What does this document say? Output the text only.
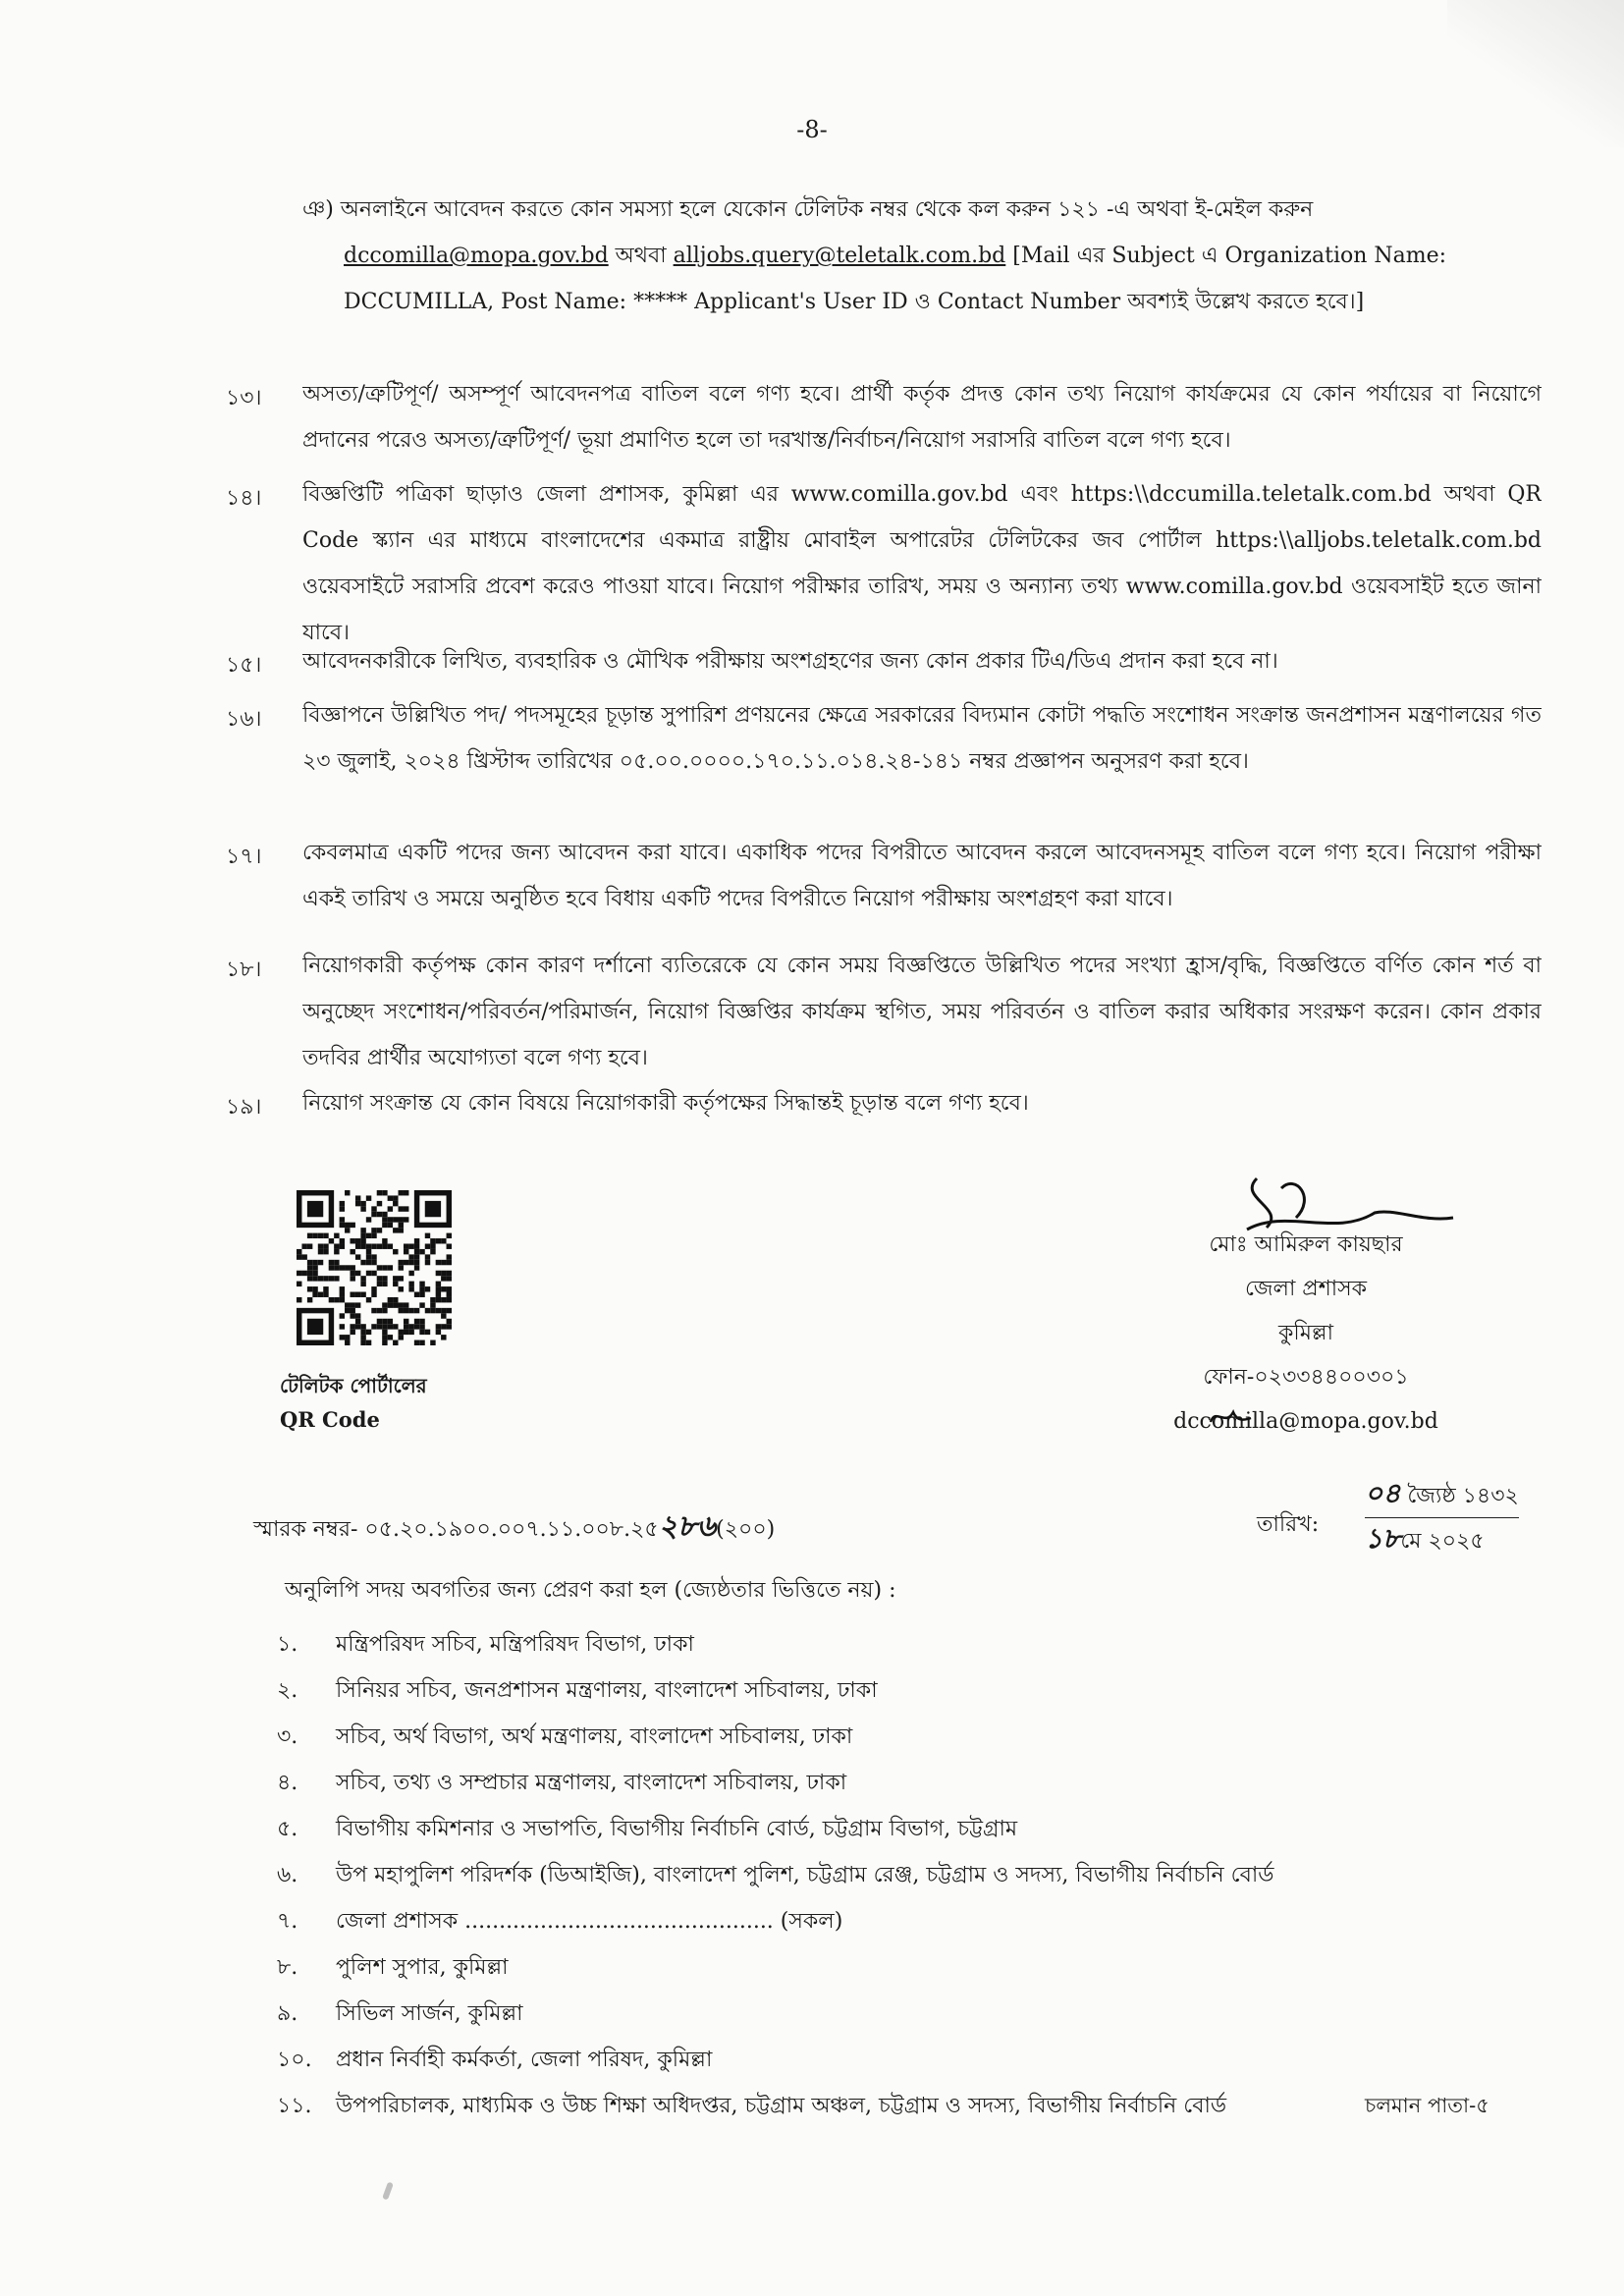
-8-
ঞ) অনলাইনে আবেদন করতে কোন সমস্যা হলে যেকোন টেলিটক নম্বর থেকে কল করুন ১২১ -এ অথবা ই-মেইল করুন
dccomilla@mopa.gov.bd অথবা alljobs.query@teletalk.com.bd [Mail এর Subject এ Organization Name:
DCCUMILLA, Post Name: ***** Applicant's User ID ও Contact Number অবশ্যই উল্লেখ করতে হবে।]
১৩। অসত্য/ত্রুটিপূর্ণ/ অসম্পূর্ণ আবেদনপত্র বাতিল বলে গণ্য হবে। প্রার্থী কর্তৃক প্রদত্ত কোন তথ্য নিয়োগ কার্যক্রমের যে কোন পর্যায়ের বা নিয়োগে প্রদানের পরেও অসত্য/ত্রুটিপূর্ণ/ ভূয়া প্রমাণিত হলে তা দরখাস্ত/নির্বাচন/নিয়োগ সরাসরি বাতিল বলে গণ্য হবে।
১৪। বিজ্ঞপ্তিটি পত্রিকা ছাড়াও জেলা প্রশাসক, কুমিল্লা এর www.comilla.gov.bd এবং https:\\dccumilla.teletalk.com.bd অথবা QR Code স্ক্যান এর মাধ্যমে বাংলাদেশের একমাত্র রাষ্ট্রীয় মোবাইল অপারেটর টেলিটকের জব পোর্টাল https:\\alljobs.teletalk.com.bd ওয়েবসাইটে সরাসরি প্রবেশ করেও পাওয়া যাবে। নিয়োগ পরীক্ষার তারিখ, সময় ও অন্যান্য তথ্য www.comilla.gov.bd ওয়েবসাইট হতে জানা যাবে।
১৫। আবেদনকারীকে লিখিত, ব্যবহারিক ও মৌখিক পরীক্ষায় অংশগ্রহণের জন্য কোন প্রকার টিএ/ডিএ প্রদান করা হবে না।
১৬। বিজ্ঞাপনে উল্লিখিত পদ/ পদসমূহের চূড়ান্ত সুপারিশ প্রণয়নের ক্ষেত্রে সরকারের বিদ্যমান কোটা পদ্ধতি সংশোধন সংক্রান্ত জনপ্রশাসন মন্ত্রণালয়ের গত ২৩ জুলাই, ২০২৪ খ্রিস্টাব্দ তারিখের ০৫.০০.০০০০.১৭০.১১.০১৪.২৪-১৪১ নম্বর প্রজ্ঞাপন অনুসরণ করা হবে।
১৭। কেবলমাত্র একটি পদের জন্য আবেদন করা যাবে। একাধিক পদের বিপরীতে আবেদন করলে আবেদনসমূহ বাতিল বলে গণ্য হবে। নিয়োগ পরীক্ষা একই তারিখ ও সময়ে অনুষ্ঠিত হবে বিধায় একটি পদের বিপরীতে নিয়োগ পরীক্ষায় অংশগ্রহণ করা যাবে।
১৮। নিয়োগকারী কর্তৃপক্ষ কোন কারণ দর্শানো ব্যতিরেকে যে কোন সময় বিজ্ঞপ্তিতে উল্লিখিত পদের সংখ্যা হ্রাস/বৃদ্ধি, বিজ্ঞপ্তিতে বর্ণিত কোন শর্ত বা অনুচ্ছেদ সংশোধন/পরিবর্তন/পরিমার্জন, নিয়োগ বিজ্ঞপ্তির কার্যক্রম স্থগিত, সময় পরিবর্তন ও বাতিল করার অধিকার সংরক্ষণ করেন। কোন প্রকার তদবির প্রার্থীর অযোগ্যতা বলে গণ্য হবে।
১৯। নিয়োগ সংক্রান্ত যে কোন বিষয়ে নিয়োগকারী কর্তৃপক্ষের সিদ্ধান্তই চূড়ান্ত বলে গণ্য হবে।
টেলিটক পোর্টালের
QR Code
মোঃ আমিরুল কায়ছার
জেলা প্রশাসক
কুমিল্লা
ফোন-০২৩৩৪৪০০৩০১
dccomilla@mopa.gov.bd
স্মারক নম্বর- ০৫.২০.১৯০০.০০৭.১১.০০৮.২৫২৮৬(২০০)	তারিখ:
০৪ জ্যৈষ্ঠ ১৪৩২
১৮মে ২০২৫
অনুলিপি সদয় অবগতির জন্য প্রেরণ করা হল (জ্যেষ্ঠতার ভিত্তিতে নয়) :
১.	মন্ত্রিপরিষদ সচিব, মন্ত্রিপরিষদ বিভাগ, ঢাকা
২.	সিনিয়র সচিব, জনপ্রশাসন মন্ত্রণালয়, বাংলাদেশ সচিবালয়, ঢাকা
৩.	সচিব, অর্থ বিভাগ, অর্থ মন্ত্রণালয়, বাংলাদেশ সচিবালয়, ঢাকা
৪.	সচিব, তথ্য ও সম্প্রচার মন্ত্রণালয়, বাংলাদেশ সচিবালয়, ঢাকা
৫.	বিভাগীয় কমিশনার ও সভাপতি, বিভাগীয় নির্বাচনি বোর্ড, চট্টগ্রাম বিভাগ, চট্টগ্রাম
৬.	উপ মহাপুলিশ পরিদর্শক (ডিআইজি), বাংলাদেশ পুলিশ, চট্টগ্রাম রেঞ্জ, চট্টগ্রাম ও সদস্য, বিভাগীয় নির্বাচনি বোর্ড
৭.	জেলা প্রশাসক ............................................. (সকল)
৮.	পুলিশ সুপার, কুমিল্লা
৯.	সিভিল সার্জন, কুমিল্লা
১০.	প্রধান নির্বাহী কর্মকর্তা, জেলা পরিষদ, কুমিল্লা
১১.	উপপরিচালক, মাধ্যমিক ও উচ্চ শিক্ষা অধিদপ্তর, চট্টগ্রাম অঞ্চল, চট্টগ্রাম ও সদস্য, বিভাগীয় নির্বাচনি বোর্ড	চলমান পাতা-৫
